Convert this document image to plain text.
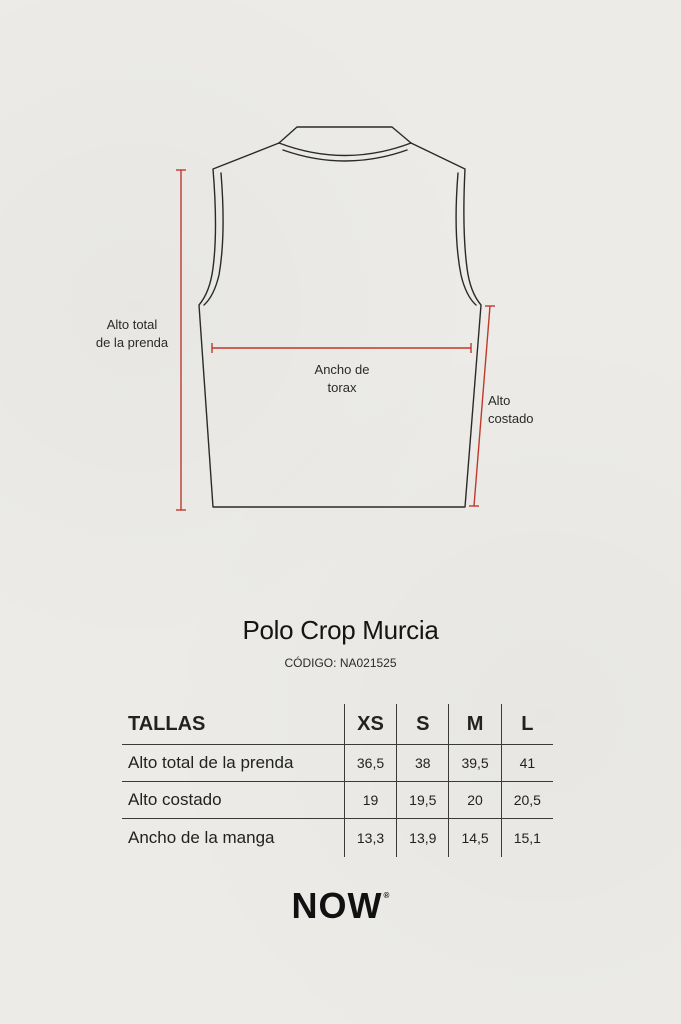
Alto total
de la prenda
Ancho de
torax
Alto
costado
Polo Crop Murcia
CÓDIGO: NA021525
TALLAS	XS	S	M	L
Alto total de la prenda	36,5	38	39,5	41
Alto costado	19	19,5	20	20,5
Ancho de la manga	13,3	13,9	14,5	15,1
NOW®
